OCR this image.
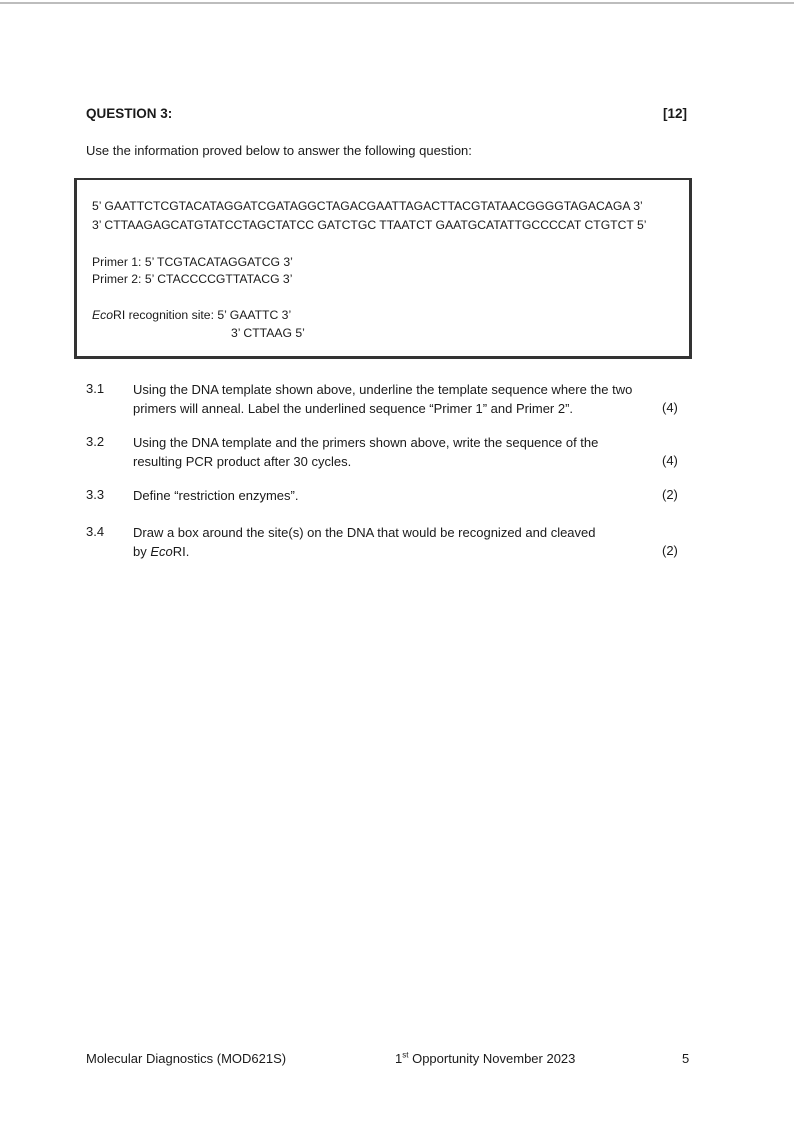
QUESTION 3:	[12]
Use the information proved below to answer the following question:
5’ GAATTCTCGTACATAGGATCGATAGGCTAGACGAATTAGACTTACGTATAACGGGGTAGACAGA 3’
3’ CTTAAGAGCATGTATCCTAGCTATCC GATCTGC TTAATCT GAATGCATATTGCCCCAT CTGTCT 5’
Primer 1: 5’ TCGTACATAGGATCG 3’
Primer 2: 5’ CTACCCCGTTATACG 3’
EcoRI recognition site: 5’ GAATTC 3’
3’ CTTAAG 5’
3.1 Using the DNA template shown above, underline the template sequence where the two
primers will anneal. Label the underlined sequence “Primer 1” and Primer 2”.	(4)
3.2 Using the DNA template and the primers shown above, write the sequence of the
resulting PCR product after 30 cycles.	(4)
3.3 Define “restriction enzymes”.	(2)
3.4 Draw a box around the site(s) on the DNA that would be recognized and cleaved
by EcoRI.	(2)
Molecular Diagnostics (MOD621S)	1st Opportunity November 2023	5
